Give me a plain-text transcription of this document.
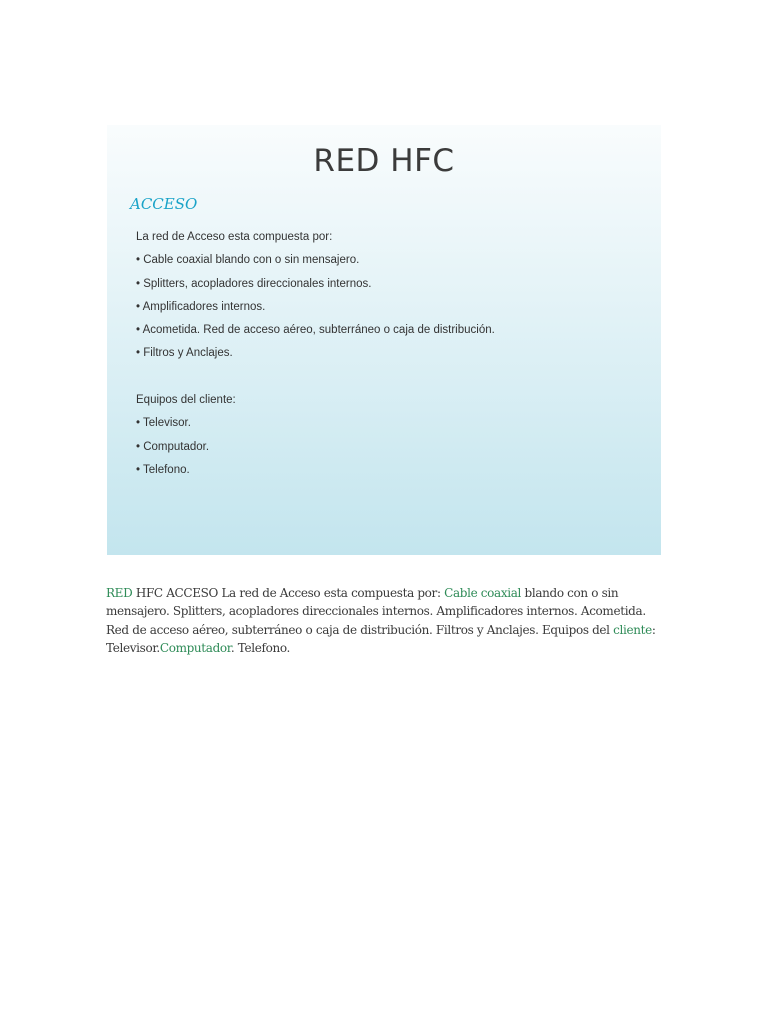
RED HFC
ACCESO
La red de Acceso esta compuesta por:
• Cable coaxial blando con o sin mensajero.
• Splitters, acopladores direccionales internos.
• Amplificadores internos.
• Acometida. Red de acceso aéreo, subterráneo o caja de distribución.
• Filtros y Anclajes.
Equipos del cliente:
• Televisor.
• Computador.
• Telefono.

RED HFC ACCESO La red de Acceso esta compuesta por: Cable coaxial blando con o sin mensajero. Splitters, acopladores direccionales internos. Amplificadores internos. Acometida. Red de acceso aéreo, subterráneo o caja de distribución. Filtros y Anclajes. Equipos del cliente: Televisor.Computador. Telefono.
